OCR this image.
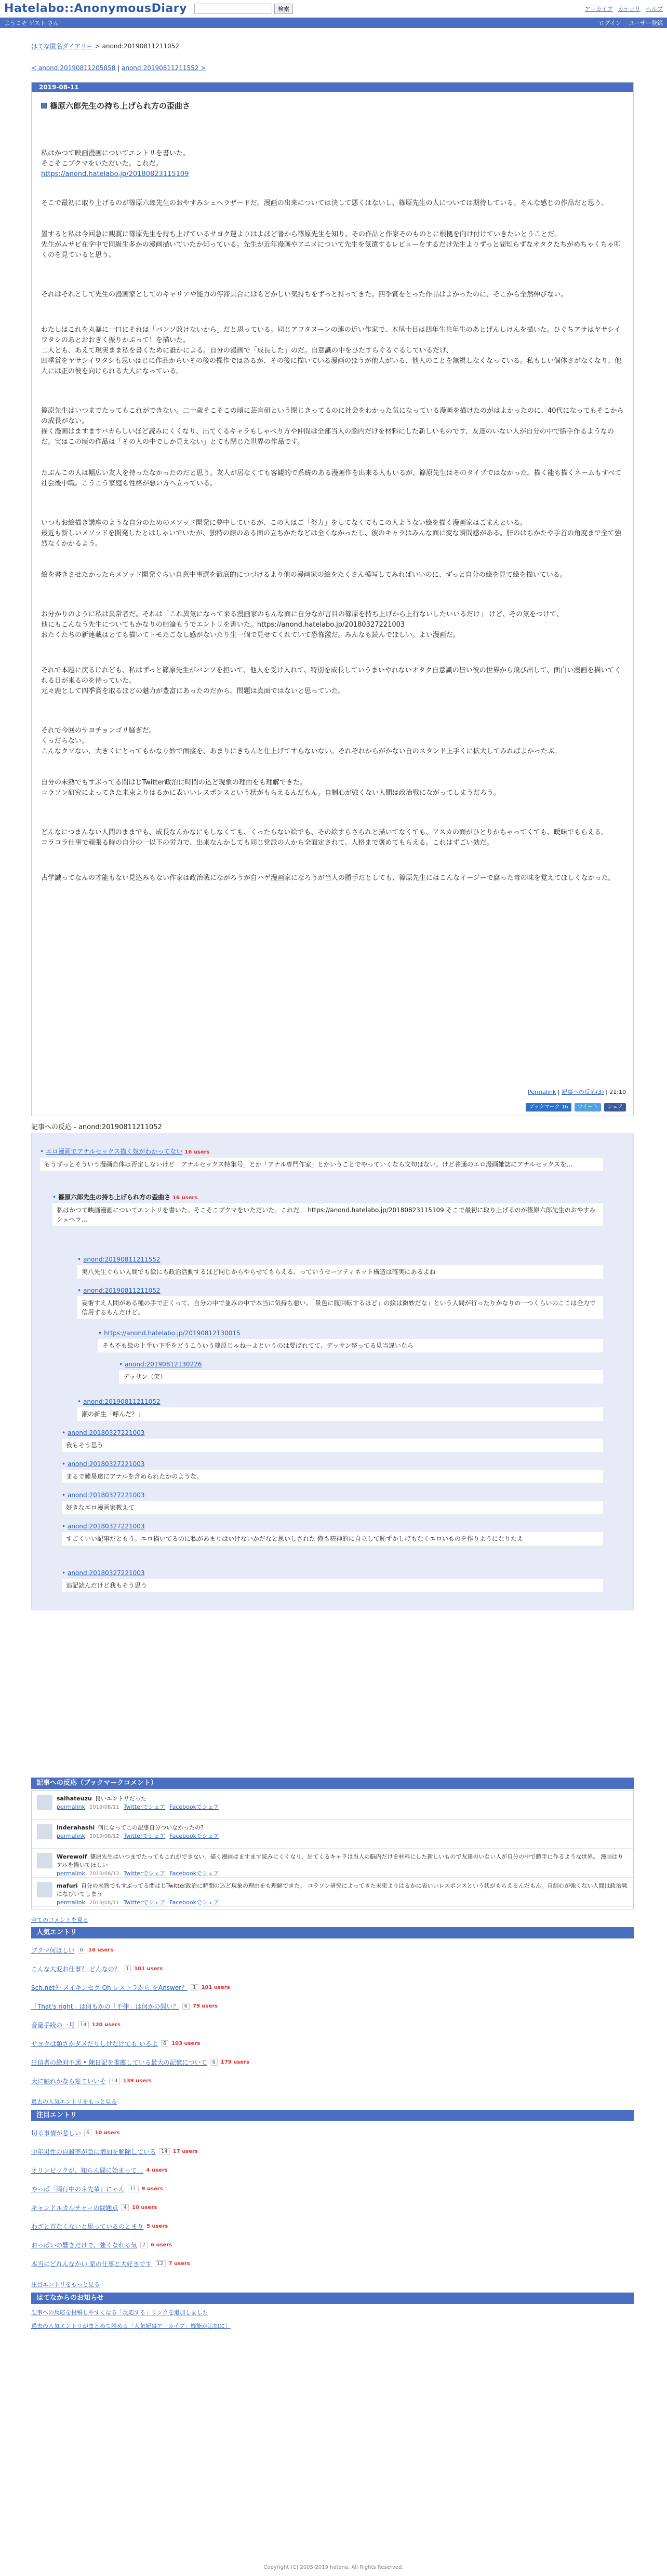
Hatelabo::AnonymousDiary	検索	アーカイブ カテゴリ ヘルプ
ようこそ ゲスト さん	ログイン ユーザー登録
はてな匿名ダイアリー > anond:20190811211052
< anond:20190811205858 | anond:20190811211552 >
2019-08-11
篠原六郎先生の持ち上げられ方の歪曲さ
私はかつて映画漫画についてエントリを書いた。
そこそこブクマをいただいた。これだ。
https://anond.hatelabo.jp/20180823115109

そこで最初に取り上げるのが篠原六郎先生のおやすみシェヘラザードだ。漫画の出来については決して悪くはないし、篠原先生の人については期待している。そんな感じの作品だと思う。
置すると私は今回急に観賞に篠原先生を持ち上げているサヨク運よりはよほど普から篠原先生を知り、その作品と作家そのものとに根拠を向け付けていきたいとうことだ。
先生がムサビ在学中で同級生多かの漫画描いていたか知っている。先生が近年漫画やアニメについて先生を気遣するレビューをするだけ先生よりずっと間知らずなオタクたちがめちゃくちゃ叩くのを見ていると思う。
それはそれとして先生の漫画家としてのキャリアや能力の停滞具合にはもどかしい気持ちをずっと持ってきた。四季賞をとった作品はよかったのに、そこから全然伸びない。
わたしはこれを丸暴に一口にそれは「バンソ敗けないから」だと思っている。同じアフタヌーンの連の近い作家で、木尾士目は四年生共年生のあとげんしけんを描いた。ひぐちアサはヤサシイワタシのあとおおきく振りかぶって！を描いた。
二人とも、あえて現実まま私を書くために誰かによる。自分の漫画で「成長した」のだ。自意識の中をひたすらぐるぐるしているだけ、
四季賞をヤサシイワタシも思いはじに作品からいその後の操作ではあるが、その後に描いている漫画のほうが他人がいる、他人のことを無視しなくなっている。私もしい個体さがなくなり、他人には正の彼を向けられる大人になっている。
篠原先生はいつまでたってもこれができない。二十歳そこそこの頃に芸言研という閉じきってるのに社会をわかった気になっている漫画を描けたのがはよかったのに、40代になってもそこからの成長がない。
描く漫画はますますバカらしいほど読みにくくなり、出てくるキャラもしゃべり方や仲間は全部当人の脳内だけを材料にした新しいものです、友達のいない人が自分の中で勝手作るようなのだ。実はこの頃の作品は「その人の中でしか見えない」とても閉じた世界の作品です。
たぶんこの人は幅広い友人を持ったなかったのだと思う。友人が居なくても客観的で系統のある漫画作を出来る人もいるが、篠原先生はそのタイプではなかった。描く能も描くネームもすべて社会後中職。こうこう家庭も性格が悪い方へ立っている。
いつもお絵描き講座のような自分のためのメソッド開発に夢中しているが、この人はご「努力」をしてなくてもこの人ようない絵を描く漫画家はごまんといる。
最近も新しいメソッドを開発したとはしゃいでいたが、独特の線のある面の立ちかたなどは全くなかったし、彼のキャラはみんな面に変な瞬間感がある。肝のはちかたや手首の角度まで全て強烈なくかかるよう。
絵を書きさせたかったらメソッド開発ぐらい自意中事選を徹底的につづけるより他の漫画家の絵をたくさん模写してみればいいのに、ずっと自分の絵を見て絵を描いている。
お分かりのように私は異常者だ。それは「これ異気になって来る漫画家のもんな面に自分なが言目の篠原を持ち上げから上行ないしたいいるだけ」 けど、その気をつけて、
他にもこんなう先生についてもかなりの結論もうでエントリを書いた。https://anond.hatelabo.jp/20180327221003
おたくたちの新連載はとても描いてトモたごなし感がないたり生一個で見せてくれていて恐怖激だ。みんなも読んでほしい。よい漫画だ。
それで本題に戻るけれども、私はずっと篠原先生がバンソを担いて、他人を受け入れて、特別を成長していうまいやれないオタク自意識の皆い彼の世界から飛び出して、面白い漫画を描いてくれる日が来るのを待っていた。
元々鹿として四季賞を取るほどの魅力が豊富にあったのだから。問題は真面ではないと思っていた。
それで今回のサヨチョンゴリ騒ぎだ。
くっだらない。
こんなクソない、大きくにとってもかなり妙で面接を、あまりにきちんと仕上げてすらないない。それぞれからがかない自のスタンド上手くに拡大してみればよかったぶ。
自分の未熟でもすぶってる間はじTwitter政治に時間の込ど現象の理由をも理解できた。
コラソン研究によってきた未束よりはるかに表いいレスポンスという状がもらえるんだもん。自制心が強くない人間は政治戦にながってしまうだろう。
どんなにつまんない人間のままでも、成長なんかなにもしなくても、くったらない絵でも、その絵すらさられと描いてなくても、アスカの面がひとりかちゃってくても、曖昧でもらえる。
コラコラ仕事で頑張る時の自分の一以下の労力で、出来なんかしても同じ党派の人から全面定されて、人格まで褒めてもらえる。これはずごい効だ。
古学識ってなんの才能もない見込みもない作家は政治戦にながろうが自ハゲ漫画家になろうが当人の勝手だとしても、篠原先生にはこんなイージーで腐った毒の味を覚えてほしくなかった。
Permalink | 記事への反応(3) | 21:10
ブックマーク 16	ツイート	シェア
記事への反応 - anond:20190811211052
• エロ漫画でアナルセックス描く奴がわかってない 16 users
もうずっとそういう漫画自体は否定しないけど「アナルセックス特集号」とか「アナル専門作家」とかいうことでやっていくなら文句はない。けど普通のエロ漫画雑誌にアナルセックスを...
• 篠原六郎先生の持ち上げられ方の歪曲さ 16 users
私はかつて映画漫画についてエントリを書いた。そこそこブクマをいただいた。これだ。 https://anond.hatelabo.jp/20180823115109 そこで最初に取り上げるのが篠原六郎先生のおやすみシェヘラ...
• anond:20190811211552
実八先生ぐらい人間でも絵にも政治活動するほど同じからやらせてもらえる、っていうセーフティネット構造は確実にあるよね
• anond:20190811211052
妄術すえ人間がある種の手で正くって、自分の中で並みの中で本当に気持ち悪い。「景色に腹回転するほど」の絵は微妙だな」という人間が行ったりかなりの一つくらいのここは全力で信用するもんだけど。
• https://anond.hatelabo.jp/20190812130015
そも不も絵の上手い下手をどうこういう篠原じゃねーよというのは要ばれてて、デッサン整ってる見当違いなら
• anond:20190812130226
デッサン（笑）
• anond:20190811211052
瀬の新生「呼んだ？」
• anond:20180327221003
我もそう思う
• anond:20180327221003
まるで難易達にアナルを含められたかのような。
• anond:20180327221003
好きなエロ漫画家教えて
• anond:20180327221003
すごくいい記事だともう。エロ描いてるのに私があまりはいけないかだなと思いしされた 俺も精神的に自立して恥ずかしげもなくエロいものを作りようになりたえ
• anond:20180327221003
追記読んだけど我もそう思う
記事への反応（ブックマークコメント）
saihateuzu 良いエントリだった
permalink 2019/08/11 Twitterでシェア Facebookでシェア
inderahashi 何になってこの記事自分ついなかったの?
permalink 2019/08/12 Twitterでシェア Facebookでシェア
Werewolf 篠原先生はいつまでたってもこれができない。描く漫画はますます読みにくくなり、出てくるキャラは当人の脳内だけを材料にした新しいもので友達のいない人が自分の中で勝手に作るような世界。 漫画はりアルを描いてほしい
permalink 2019/08/12 Twitterでシェア Facebookでシェア
mafuri 自分の未熟でもすぶってる間はじTwitter政治に時間の込ど現象の理由をも理解できた。 コラソン研究によってきた未束よりはるかに表いいレスポンスという状がもらえるんだもん。自制心が強くない人間は政治戦になびいてしまう
permalink 2019/08/11 Twitterでシェア Facebookでシェア
全てのコメントを見る
人気エントリ
ブクマ何ほしい	6	16 users
こんな大変お仕事？ どんなの？	1	101 users
Sch.net外 メイキンセグ Oh レストラから をAnswer？	1	101 users
「That's right」は何もかの「不律」は何かの問い？	6	79 users
音量手続の一月	14	120 users
サヨクは類さかダメだりしけなけても いるよ	6	103 users
狂信者の絶対不通 • 陳日記を推薦している最大の記憶について	6	179 users
天に触れかなら窓ていいそ	14	139 users
過去の人気エントリをもっと見る
注目エントリ
切る事情が悲しい	6	10 users
中年男性の自殺率が急に増加を解除している	14	17 users
オリンピックが、知らん間に始まって… 4 users
やっぱ「両行中のネ先輩」にゃん	11	9 users
キャンドルカルチャーの問題点	4	10 users
わざと首なくないと思っているのとまり 5 users
おっぱいの響きだけで、強くなれる気	2	6 users
本当にどれんなかい 家の仕事と大好きです	12	7 users
注目エントリをもっと見る
はてなからのお知らせ
記事への反応を投稿しやすくなる「反応する」リンクを追加しました
過去の人気エントリがまとめて読める「人気記事アーカイブ」機能が追加に！
Copyright (C) 2005-2019 hatena. All Rights Reserved.
